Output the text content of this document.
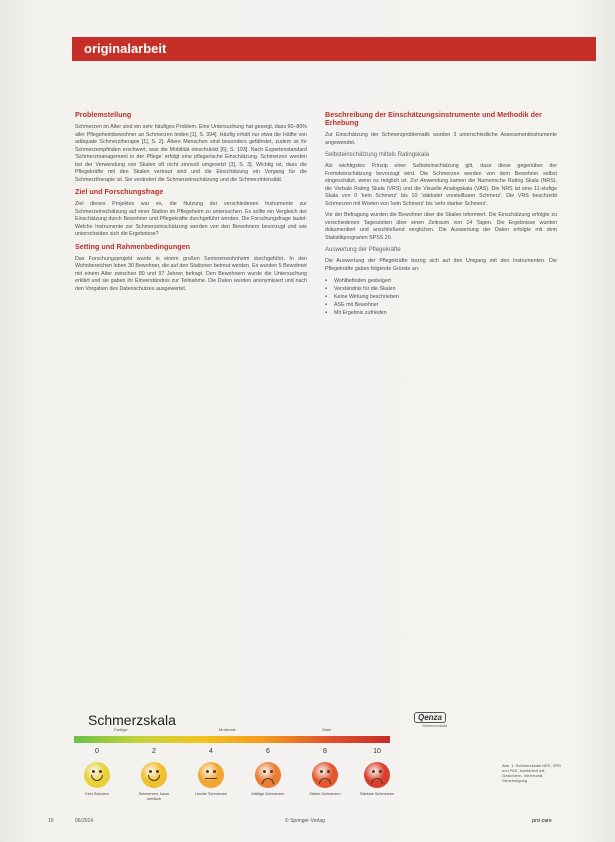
originalarbeit
Problemstellung

Schmerzen im Alter sind ein sehr häufiges Problem. Eine Untersuchung hat gezeigt, dass 60–80% aller Pflegeheimbewohner an Schmerzen leiden [1], S. 394]. Häufig erhält nur etwa die Hälfte von adäquate Schmerztherapie [1], S. 2]. Ältere Menschen sind besonders gefährdet, zudem ist ihr Schmerzempfinden erschwert, was die Mobilität einschränkt [6], S. 193]. Nach Expertenstandard 'Schmerzmanagement in der Pflege' erfolgt eine pflegerische Einschätzung. Schmerzen werden bei der Verwendung von Skalen oft nicht sinnvoll umgesetzt [3], S. 3]. Wichtig ist, dass die Pflegekräfte mit den Skalen vertraut sind und die Einschätzung ein Vorgang für die Schmerztherapie ist. Sie verändert die Schmerzeinschätzung und die Schmerzintensität.

Ziel und Forschungsfrage

Ziel dieses Projektes war es, die Nutzung der verschiedenen Instrumente zur Schmerzeinschätzung auf einer Station im Pflegeheim zu untersuchen. Es sollte ein Vergleich der Einschätzung durch Bewohner und Pflegekräfte durchgeführt werden. Die Forschungsfrage lautet: Welche Instrumente zur Schmerzeinschätzung werden von den Bewohnern bevorzugt und wie unterscheiden sich die Ergebnisse?

Setting und Rahmenbedingungen

Das Forschungsprojekt wurde in einem großen Seniorenwohnheim durchgeführt. In den Wohnbereichen leben 30 Bewohner, die auf den Stationen betreut werden. Es wurden 5 Bewohner mit einem Alter zwischen 80 und 97 Jahren befragt. Den Bewohnern wurde die Untersuchung erklärt und sie gaben ihr Einverständnis zur Teilnahme. Die Daten wurden anonymisiert und nach den Vorgaben des Datenschutzes ausgewertet.

Beschreibung der Einschätzungsinstrumente und Methodik der Erhebung

Zur Einschätzung der Schmerzproblematik wurden 3 unterschiedliche Assessmentinstrumente angewendet.

Selbsteinschätzung mittels Ratingskala

Als wichtigstes Prinzip einer Selbsteinschätzung gilt, dass diese gegenüber der Fremdeinschätzung bevorzugt wird. Die Schmerzen werden von dem Bewohner selbst eingeschätzt, wenn es möglich ist. Zur Anwendung kamen die Numerische Rating Skala (NRS), die Verbale Rating Skala (VRS) und die Visuelle Analogskala (VAS). Die NRS ist eine 11-stufige Skala von 0 'kein Schmerz' bis 10 'stärkster vorstellbarer Schmerz'. Die VRS beschreibt Schmerzen mit Worten von 'kein Schmerz' bis 'sehr starker Schmerz'.

Vor der Befragung wurden die Bewohner über die Skalen informiert. Die Einschätzung erfolgte zu verschiedenen Tageszeiten über einen Zeitraum von 14 Tagen. Die Ergebnisse wurden dokumentiert und anschließend verglichen. Die Auswertung der Daten erfolgte mit dem Statistikprogramm SPSS 20.

Auswertung der Pflegekräfte

Die Auswertung der Pflegekräfte bezog sich auf den Umgang mit den Instrumenten. Die Pflegekräfte gaben folgende Gründe an:

▪ Wohlbefinden gesteigert
▪ Verständnis für die Skalen
▪ Keine Wirkung beschrieben
▪ ASE mit Bewohner
▪ Mit Ergebnis zufrieden
Schmerzskala	Qenza
Schmerzskala
Farbige	Moderate	Stark
0	2	4	6	8	10
Kein Schmerz	Schmerzen, kaum merklich
Leichte Schmerzen	Mäßige Schmerzen	Starke Schmerzen	Stärkste Schmerzen
Abb. 1: Schmerzskala NRS, VRS und FAS, kombiniert mit Gesichtern, mit freundl. Genehmigung
10	06/2014	© Springer-Verlag	pro care
